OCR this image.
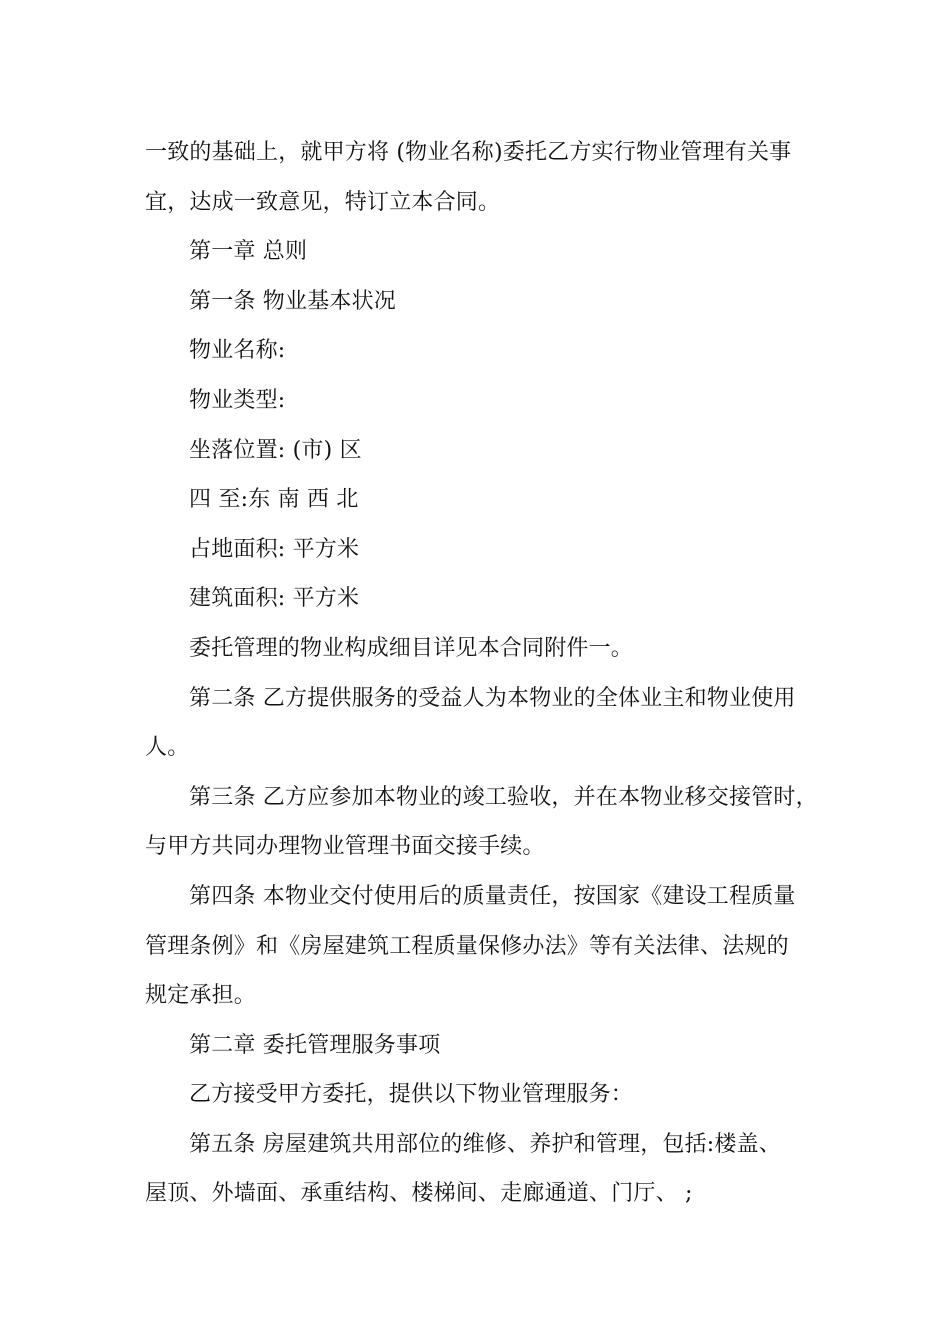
一致的基础上，就甲方将 (物业名称)委托乙方实行物业管理有关事
宜，达成一致意见，特订立本合同。
第一章 总则
第一条 物业基本状况
物业名称:
物业类型:
坐落位置: (市) 区
四 至:东 南 西 北
占地面积: 平方米
建筑面积: 平方米
委托管理的物业构成细目详见本合同附件一。
第二条 乙方提供服务的受益人为本物业的全体业主和物业使用
人。
第三条 乙方应参加本物业的竣工验收，并在本物业移交接管时，
与甲方共同办理物业管理书面交接手续。
第四条 本物业交付使用后的质量责任，按国家《建设工程质量
管理条例》和《房屋建筑工程质量保修办法》等有关法律、法规的
规定承担。
第二章 委托管理服务事项
乙方接受甲方委托，提供以下物业管理服务：
第五条 房屋建筑共用部位的维修、养护和管理，包括:楼盖、
屋顶、外墙面、承重结构、楼梯间、走廊通道、门厅、 ;
